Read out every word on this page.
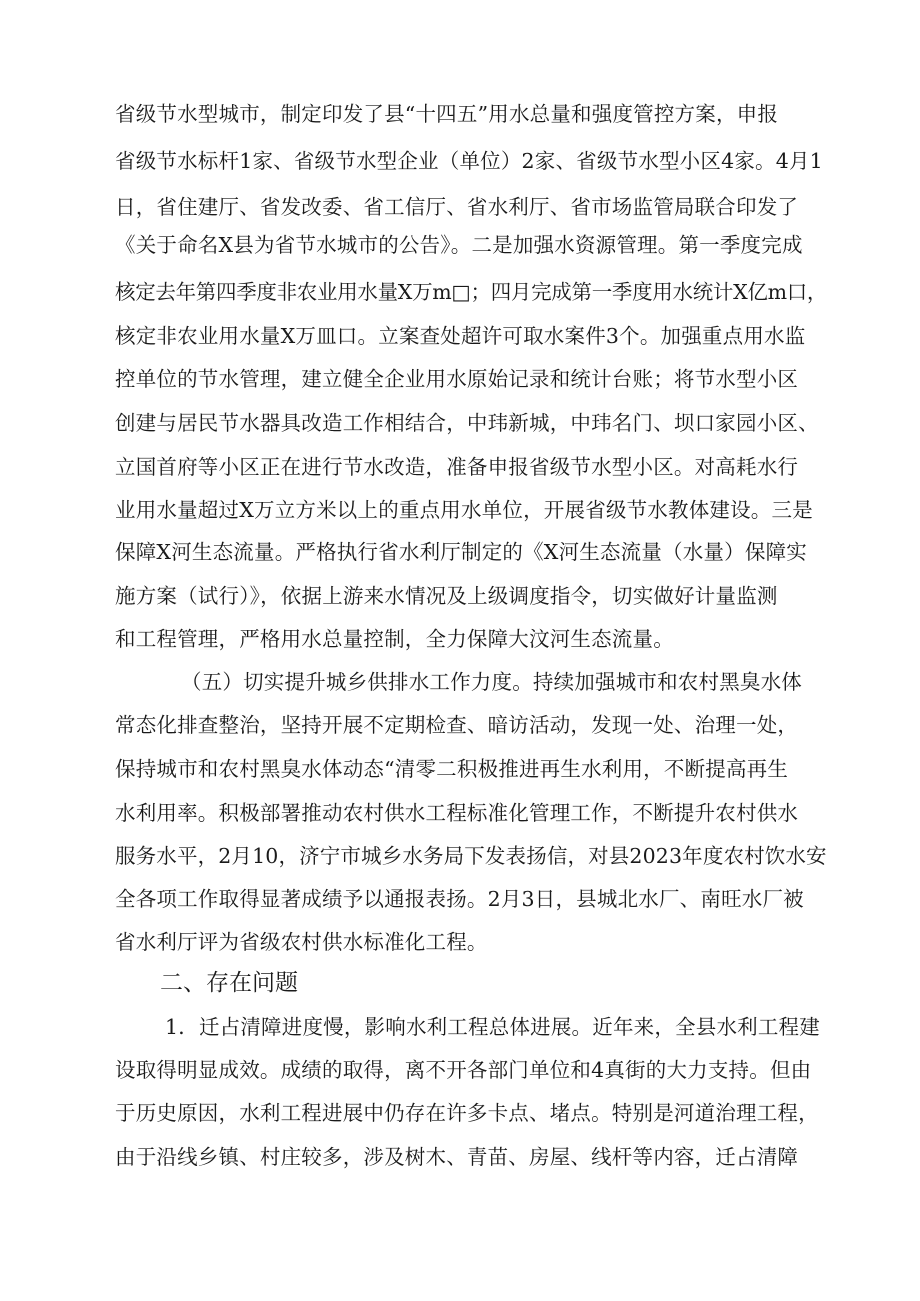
省级节水型城市，制定印发了县“十四五”用水总量和强度管控方案，申报
省级节水标杆1家、省级节水型企业（单位）2家、省级节水型小区4家。4月1
日，省住建厅、省发改委、省工信厅、省水利厅、省市场监管局联合印发了
《关于命名X县为省节水城市的公告》。二是加强水资源管理。第一季度完成
核定去年第四季度非农业用水量X万m□；四月完成第一季度用水统计X亿m口，
核定非农业用水量X万皿口。立案查处超许可取水案件3个。加强重点用水监
控单位的节水管理，建立健全企业用水原始记录和统计台账；将节水型小区
创建与居民节水器具改造工作相结合，中玮新城，中玮名门、坝口家园小区、
立国首府等小区正在进行节水改造，准备申报省级节水型小区。对高耗水行
业用水量超过X万立方米以上的重点用水单位，开展省级节水教体建设。三是
保障X河生态流量。严格执行省水利厅制定的《X河生态流量（水量）保障实
施方案（试行）》，依据上游来水情况及上级调度指令，切实做好计量监测
和工程管理，严格用水总量控制，全力保障大汶河生态流量。
（五）切实提升城乡供排水工作力度。持续加强城市和农村黑臭水体
常态化排查整治，坚持开展不定期检查、暗访活动，发现一处、治理一处，
保持城市和农村黑臭水体动态“清零二积极推进再生水利用，不断提高再生
水利用率。积极部署推动农村供水工程标准化管理工作，不断提升农村供水
服务水平，2月10，济宁市城乡水务局下发表扬信，对县2023年度农村饮水安
全各项工作取得显著成绩予以通报表扬。2月3日，县城北水厂、南旺水厂被
省水利厅评为省级农村供水标准化工程。
二、存在问题
1．迁占清障进度慢，影响水利工程总体进展。近年来，全县水利工程建
设取得明显成效。成绩的取得，离不开各部门单位和4真街的大力支持。但由
于历史原因，水利工程进展中仍存在许多卡点、堵点。特别是河道治理工程，
由于沿线乡镇、村庄较多，涉及树木、青苗、房屋、线杆等内容，迁占清障
